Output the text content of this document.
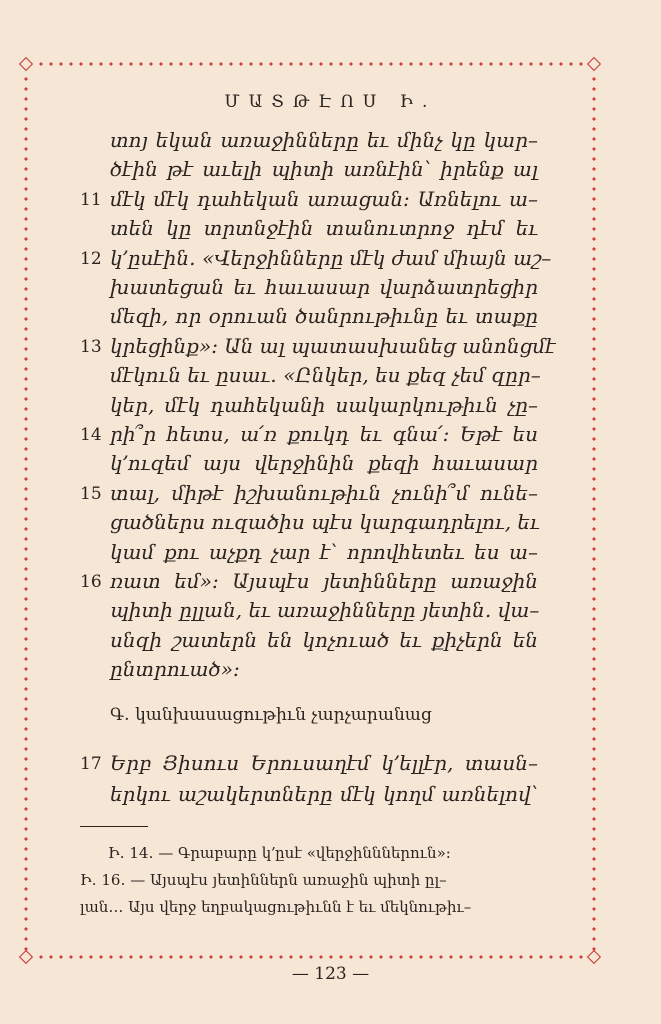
ՄԱՏԹԷՈՍ Ի․
տոյ եկան առաջինները եւ մինչ կը կար–
ծէին թէ աւելի պիտի առնէին՝ իրենք ալ
11 մէկ մէկ դահեկան առացան։ Առնելու ա–
տեն կը տրտնջէին տանուտրոջ դէմ եւ
12 կ՚ըսէին․ «Վերջինները մէկ ժամ միայն աշ–
խատեցան եւ հաւասար վարձատրեցիր
մեզի, որ օրուան ծանրութիւնը եւ տաքը
13 կրեցինք»։ Ան ալ պատասխանեց անոնցմէ
մէկուն եւ ըսաւ․ «Ընկեր, ես քեզ չեմ զըր–
կեր, մէկ դահեկանի սակարկութիւն չը–
14 րի՞ր հետս, ա՛ռ քուկդ եւ գնա՛։ Եթէ ես
կ՚ուզեմ այս վերջինին քեզի հաւասար
15 տալ, միթէ իշխանութիւն չունի՞մ ունե–
ցածներս ուզածիս պէս կարգադրելու, եւ
կամ քու աչքդ չար է՝ որովհետեւ ես ա–
16 ռատ եմ»։ Այսպէս յետինները առաջին
պիտի ըլլան, եւ առաջինները յետին․ վա–
սնզի շատերն են կոչուած եւ քիչերն են
ընտրուած»։
Գ․ կանխասացութիւն չարչարանաց
17 Երբ Յիսուս Երուսաղէմ կ՚ելլէր, տասն–
երկու աշակերտները մէկ կողմ առնելով՝
Ի․ 14․ — Գրաբարը կ՚ըսէ «վերջինններուն»։
Ի․ 16․ — Այսպէս յետիններն առաջին պիտի ըլ–
լան․․․ Այս վերջ եղբակացութիւնն է եւ մեկնութիւ–
— 123 —
